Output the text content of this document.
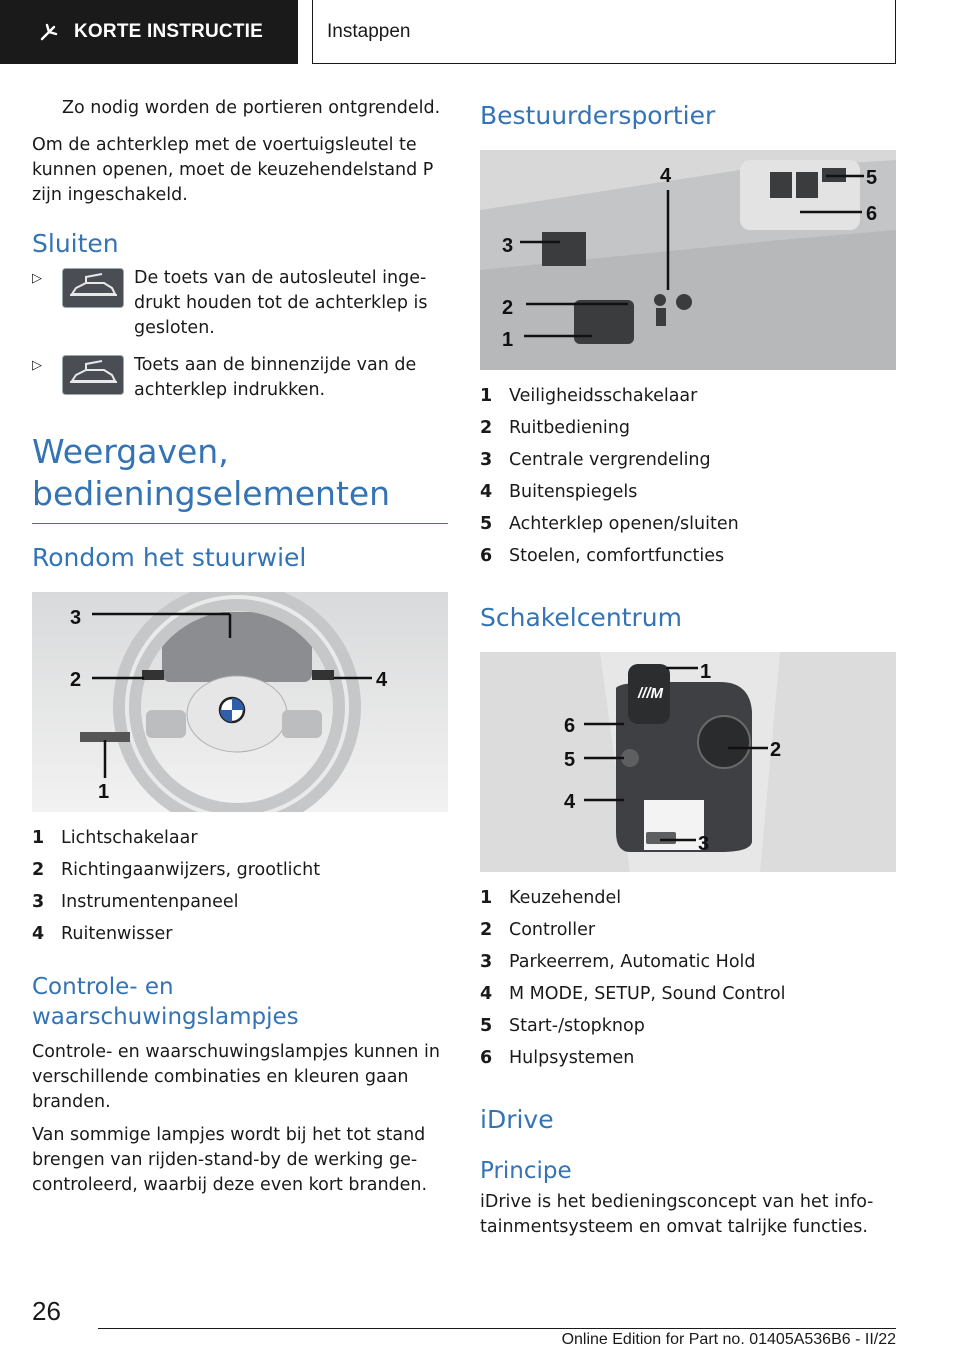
KORTE INSTRUCTIE	Instappen

Zo nodig worden de portieren ontgrendeld.

Om de achterklep met de voertuigsleutel te kunnen openen, moet de keuzehendelstand P zijn ingeschakeld.

Sluiten
▷	De toets van de autosleutel inge-

drukt houden tot de achterklep is

gesloten.

▷	Toets aan de binnenzijde van de

achterklep indrukken.

Weergaven,
bedieningselementen
Rondom het stuurwiel
3
2	4
1
1 Lichtschakelaar
2 Richtingaanwijzers, grootlicht
3 Instrumentenpaneel
4 Ruitenwisser
Controle- en
waarschuwingslampjes

Controle- en waarschuwingslampjes kunnen in verschillende combinaties en kleuren gaan branden.

Van sommige lampjes wordt bij het tot stand brengen van rijden-stand-by de werking gecontroleerd, waarbij deze even kort branden.

Bestuurdersportier
1
2
3
4	5
6
1 Veiligheidsschakelaar
2 Ruitbediening
3 Centrale vergrendeling
4 Buitenspiegels
5 Achterklep openen/sluiten
6 Stoelen, comfortfuncties
Schakelcentrum
///M
1
2
3
4
5
6
1 Keuzehendel
2 Controller
3 Parkeerrem, Automatic Hold
4 M MODE, SETUP, Sound Control
5 Start-/stopknop
6 Hulpsystemen
iDrive
Principe

iDrive is het bedieningsconcept van het infotainmentsysteem en omvat talrijke functies.

26
Online Edition for Part no. 01405A536B6 - II/22
